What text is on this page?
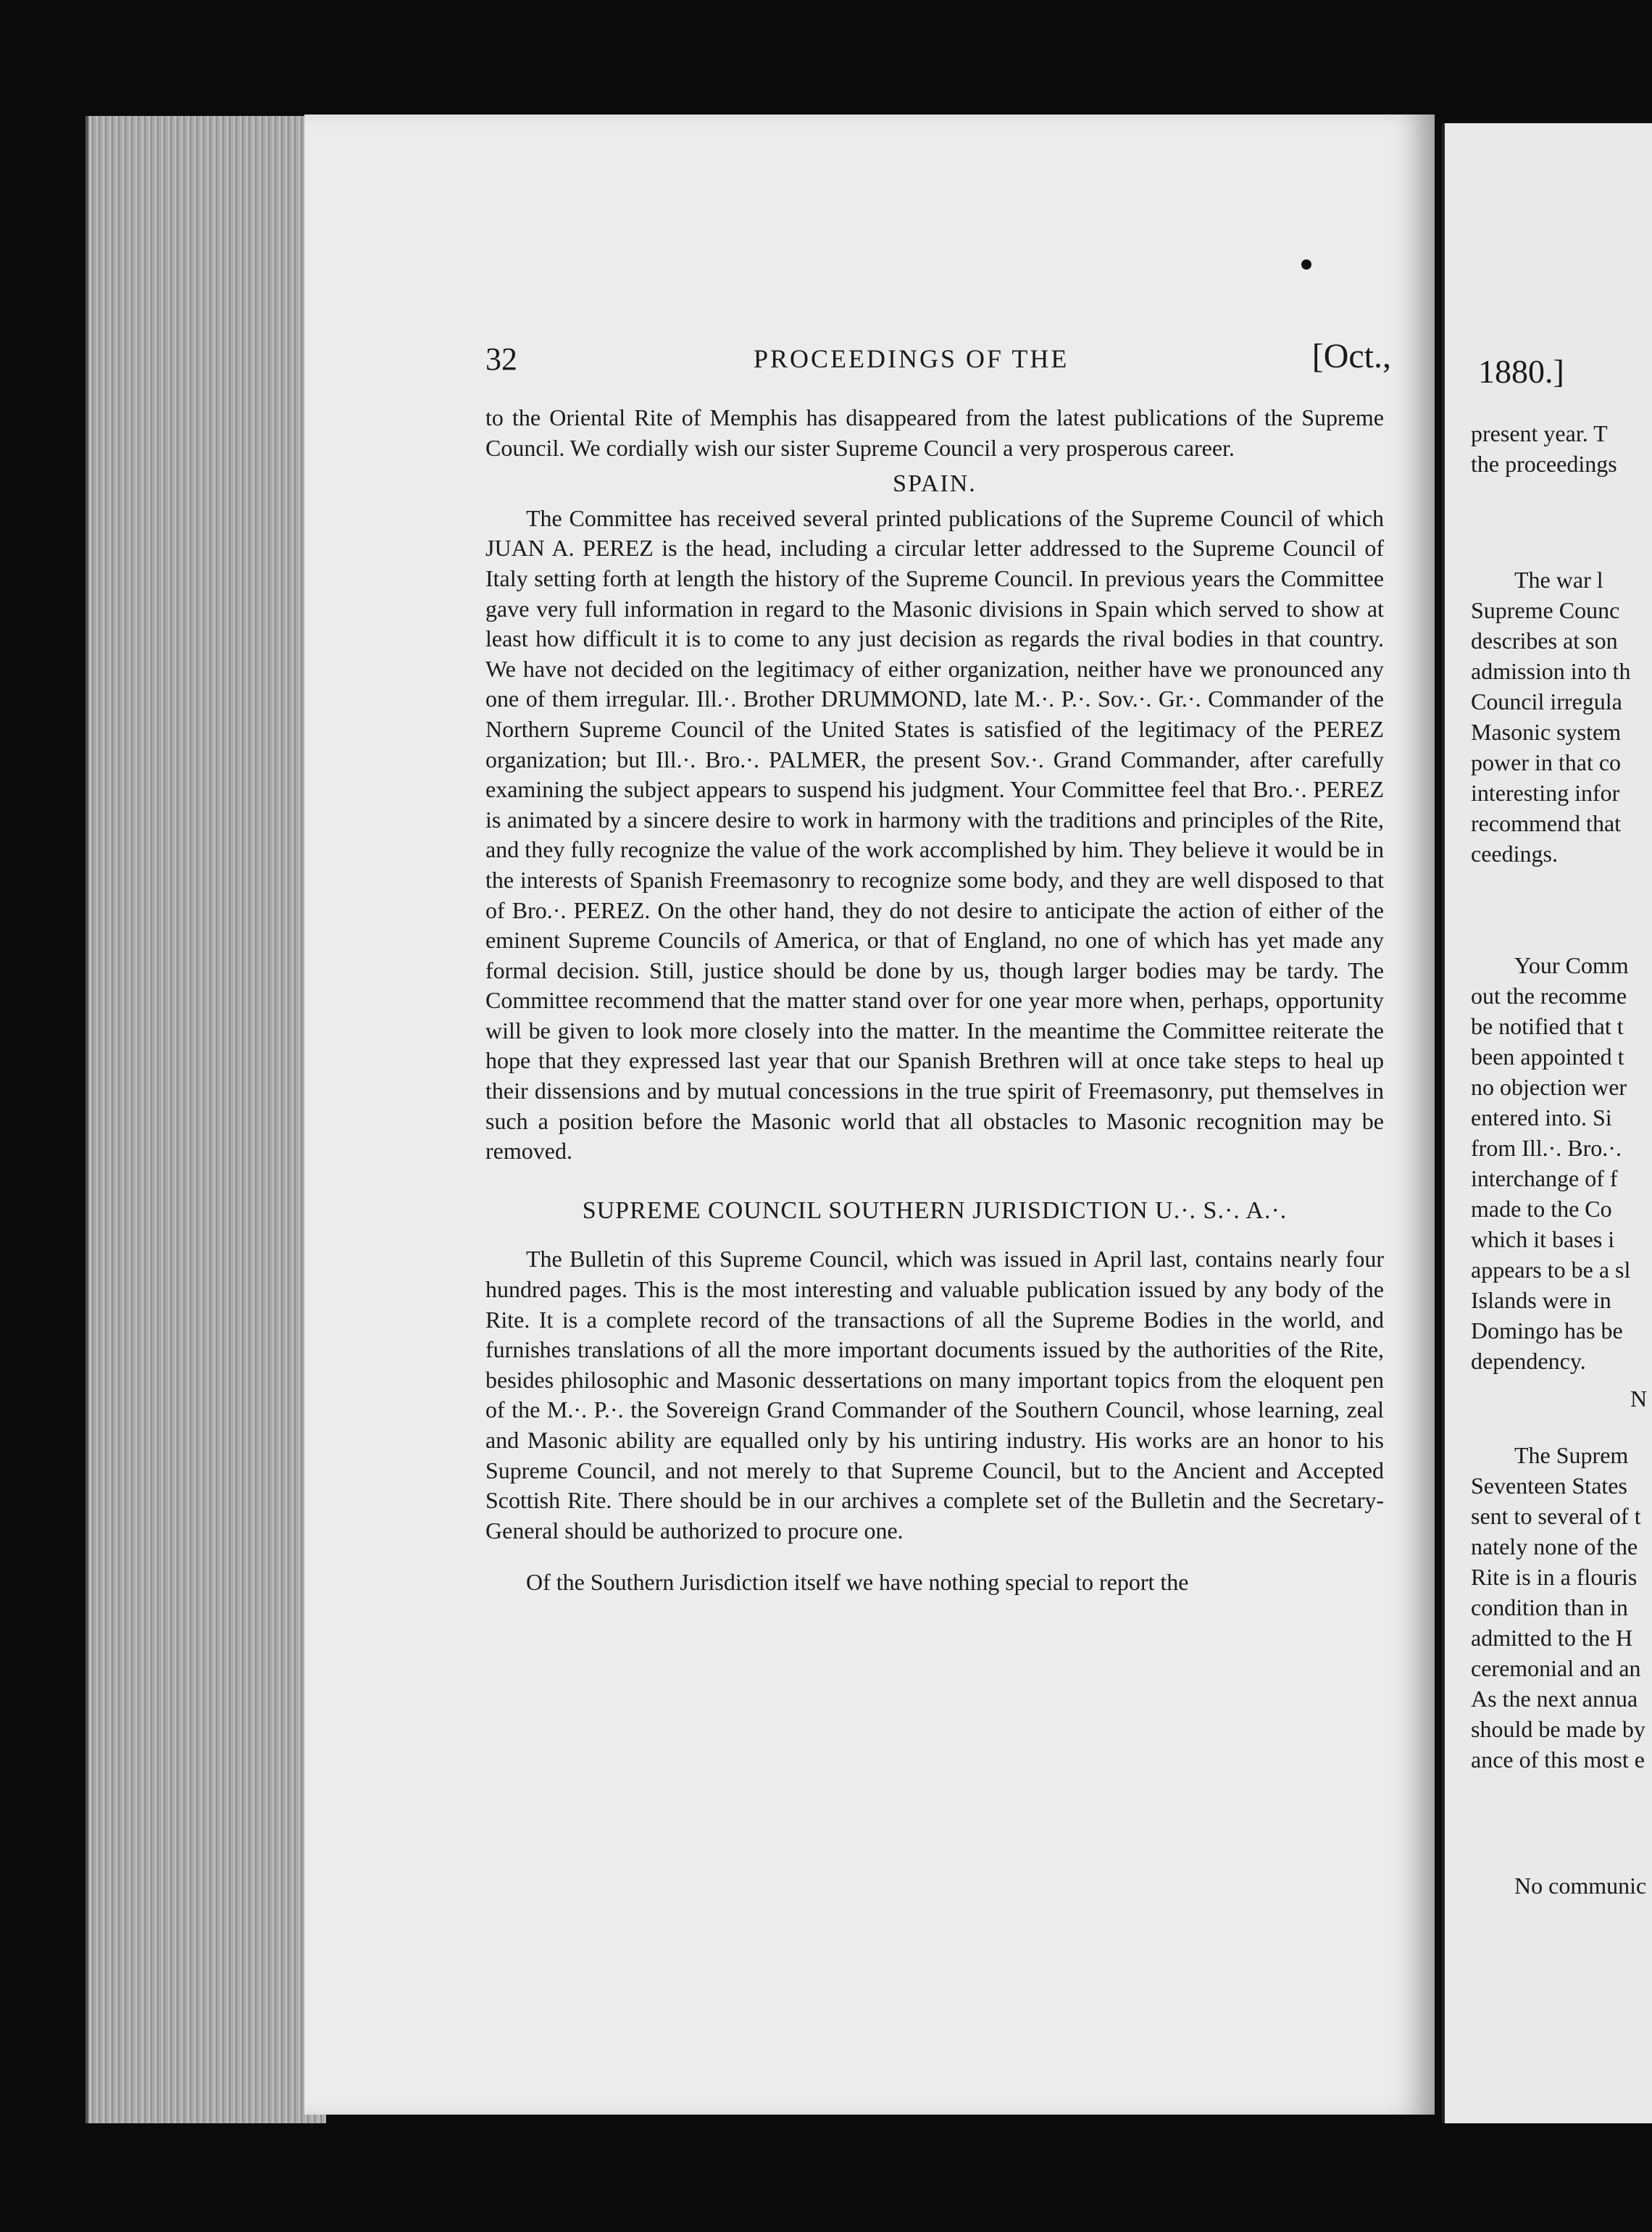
32	PROCEEDINGS OF THE	[Oct.,

to the Oriental Rite of Memphis has disappeared from the latest publications of the Supreme Council. We cordially wish our sister Supreme Council a very prosperous career.

SPAIN.

The Committee has received several printed publications of the Supreme Council of which JUAN A. PEREZ is the head, including a circular letter addressed to the Supreme Council of Italy setting forth at length the history of the Supreme Council. In previous years the Committee gave very full information in regard to the Masonic divisions in Spain which served to show at least how difficult it is to come to any just decision as regards the rival bodies in that country. We have not decided on the legitimacy of either organization, neither have we pronounced any one of them irregular. Ill.·. Brother DRUMMOND, late M.·. P.·. Sov.·. Gr.·. Commander of the Northern Supreme Council of the United States is satisfied of the legitimacy of the PEREZ organization; but Ill.·. Bro.·. PALMER, the present Sov.·. Grand Commander, after carefully examining the subject appears to suspend his judgment. Your Committee feel that Bro.·. PEREZ is animated by a sincere desire to work in harmony with the traditions and principles of the Rite, and they fully recognize the value of the work accomplished by him. They believe it would be in the interests of Spanish Freemasonry to recognize some body, and they are well disposed to that of Bro.·. PEREZ. On the other hand, they do not desire to anticipate the action of either of the eminent Supreme Councils of America, or that of England, no one of which has yet made any formal decision. Still, justice should be done by us, though larger bodies may be tardy. The Committee recommend that the matter stand over for one year more when, perhaps, opportunity will be given to look more closely into the matter. In the meantime the Committee reiterate the hope that they expressed last year that our Spanish Brethren will at once take steps to heal up their dissensions and by mutual concessions in the true spirit of Freemasonry, put themselves in such a position before the Masonic world that all obstacles to Masonic recognition may be removed.

SUPREME COUNCIL SOUTHERN JURISDICTION U.·. S.·. A.·.

The Bulletin of this Supreme Council, which was issued in April last, contains nearly four hundred pages. This is the most interesting and valuable publication issued by any body of the Rite. It is a complete record of the transactions of all the Supreme Bodies in the world, and furnishes translations of all the more important documents issued by the authorities of the Rite, besides philosophic and Masonic dessertations on many important topics from the eloquent pen of the M.·. P.·. the Sovereign Grand Commander of the Southern Council, whose learning, zeal and Masonic ability are equalled only by his untiring industry. His works are an honor to his Supreme Council, and not merely to that Supreme Council, but to the Ancient and Accepted Scottish Rite. There should be in our archives a complete set of the Bulletin and the Secretary-General should be authorized to procure one.

Of the Southern Jurisdiction itself we have nothing special to report the

1880.]
present year. T
the proceedings
The war l
Supreme Counc
describes at son
admission into th
Council irregula
Masonic system
power in that co
interesting infor
recommend that
ceedings.
Your Comm
out the recomme
be notified that t
been appointed t
no objection wer
entered into. Si
from Ill.·. Bro.·.
interchange of f
made to the Co
which it bases i
appears to be a sl
Islands were in
Domingo has be
dependency.
N
The Suprem
Seventeen States
sent to several of t
nately none of the
Rite is in a flouris
condition than in
admitted to the H
ceremonial and an
As the next annua
should be made by
ance of this most e
No communic
